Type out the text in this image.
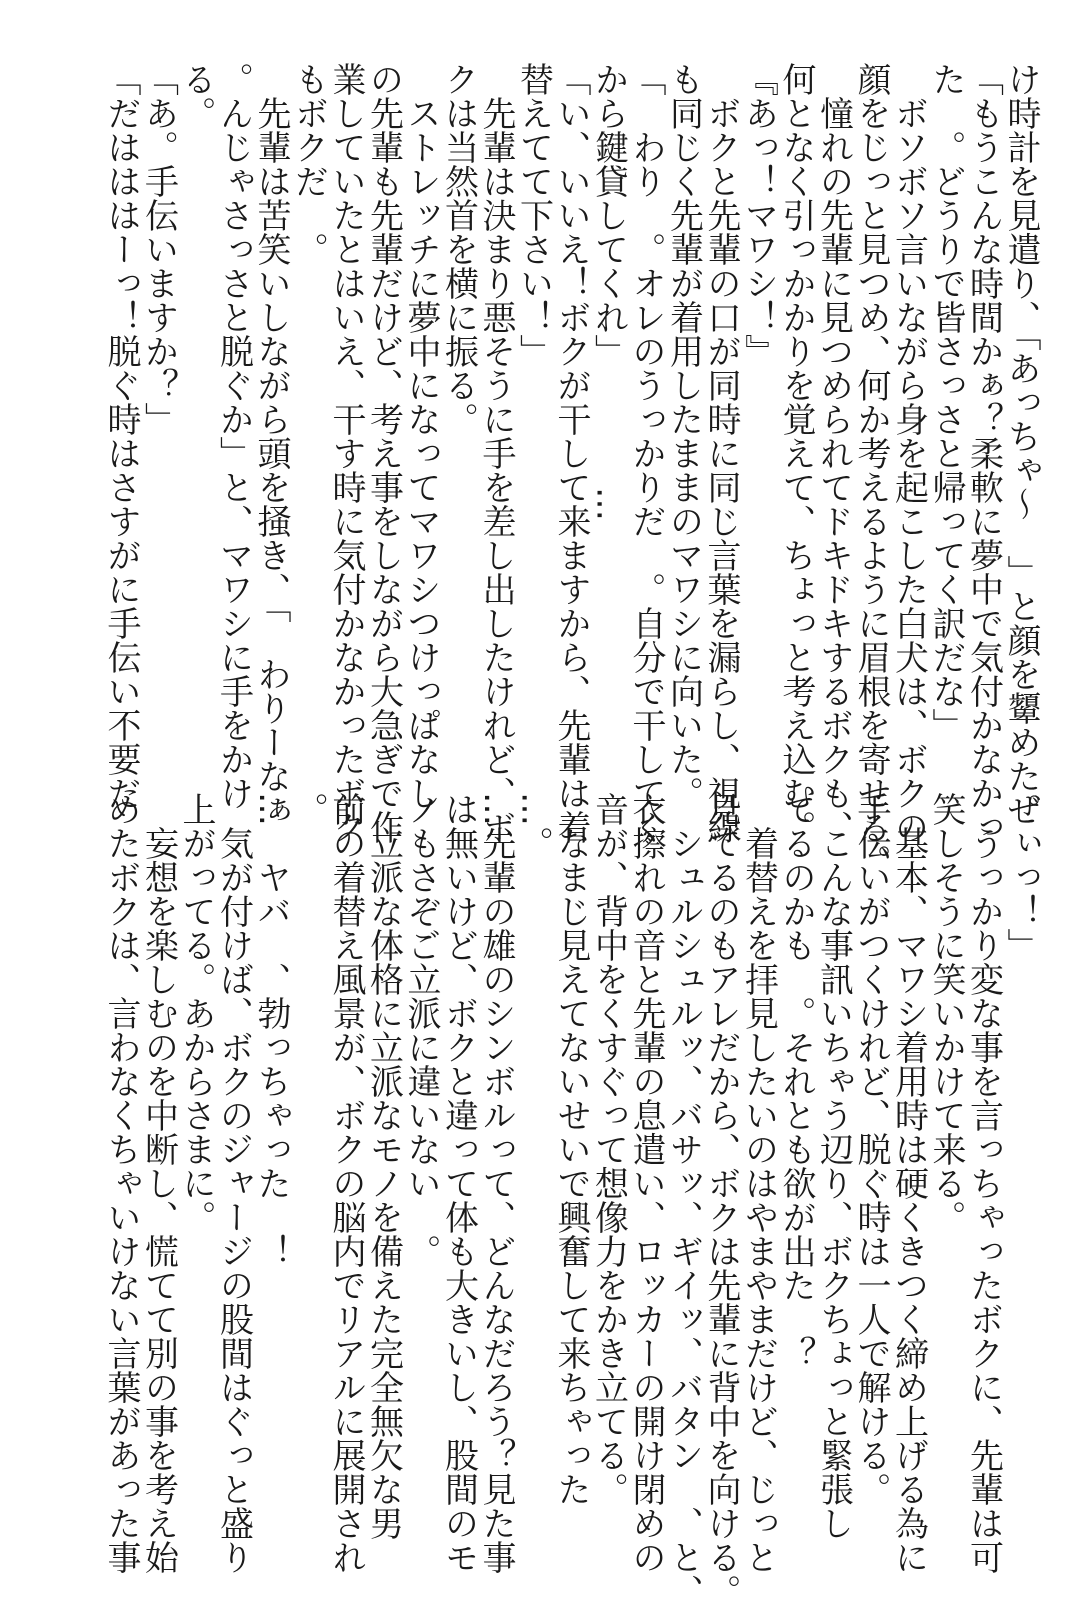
け時計を見遣り、「あっちゃ～　」と顔を顰めた。
「もうこんな時間かぁ？柔軟に夢中で気付かなかっ
た　。どうりで皆さっさと帰ってく訳だな」
　ボソボソ言いながら身を起こした白犬は、ボクの
顔をじっと見つめ、何か考えるように眉根を寄せる。
　憧れの先輩に見つめられてドキドキするボクも、
何となく引っかかりを覚えて、ちょっと考え込む。
『あっ！マワシ！』
　ボクと先輩の口が同時に同じ言葉を漏らし、視線
も同じく先輩が着用したままのマワシに向いた。
「　わり　。オレのうっかりだ　。自分で干してく
から鍵貸してくれ」　　　　…
「い、いいえ！ボクが干して来ますから、先輩は着
替えてて下さい！」
　先輩は決まり悪そうに手を差し出したけれど、ボ
クは当然首を横に振る。
　ストレッチに夢中になってマワシつけっぱなし
の先輩も先輩だけど、考え事をしながら大急ぎで作
業していたとはいえ、干す時に気付かなかったボク
もボクだ　。
　先輩は苦笑いしながら頭を掻き、「　わりーなぁ
。んじゃさっさと脱ぐか」と、マワシに手をかけ
る。
「あ。手伝いますか？」
「だはははーっ！脱ぐ時はさすがに手伝い不要だ
ぜぃっ！」
　うっかり変な事を言っちゃったボクに、先輩は可
笑しそうに笑いかけて来る。
　基本、マワシ着用時は硬くきつく締め上げる為に
手伝いがつくけれど、脱ぐ時は一人で解ける。
　こんな事訊いちゃう辺り、ボクちょっと緊張し
てるのかも　。それとも欲が出た　？
　着替えを拝見したいのはやまやまだけど、じっと
見てるのもアレだから、ボクは先輩に背中を向ける。
　シュルシュルッ、バサッ、ギイッ、バタン　、と、
衣擦れの音と先輩の息遣い、ロッカーの開け閉めの
音が、背中をくすぐって想像力をかき立てる。
　なまじ見えてないせいで興奮して来ちゃった
…。
…先輩の雄のシンボルって、どんなだろう？見た事
は無いけど、ボクと違って体も大きいし、股間のモ
ノもさぞご立派に違いない　。
　立派な体格に立派なモノを備えた完全無欠な男
前の着替え風景が、ボクの脳内でリアルに展開され
。
…　ヤバ　、勃っちゃった　！
　気が付けば、ボクのジャージの股間はぐっと盛り
上がってる。あからさまに。
　妄想を楽しむのを中断し、慌てて別の事を考え始
めたボクは、言わなくちゃいけない言葉があった事
